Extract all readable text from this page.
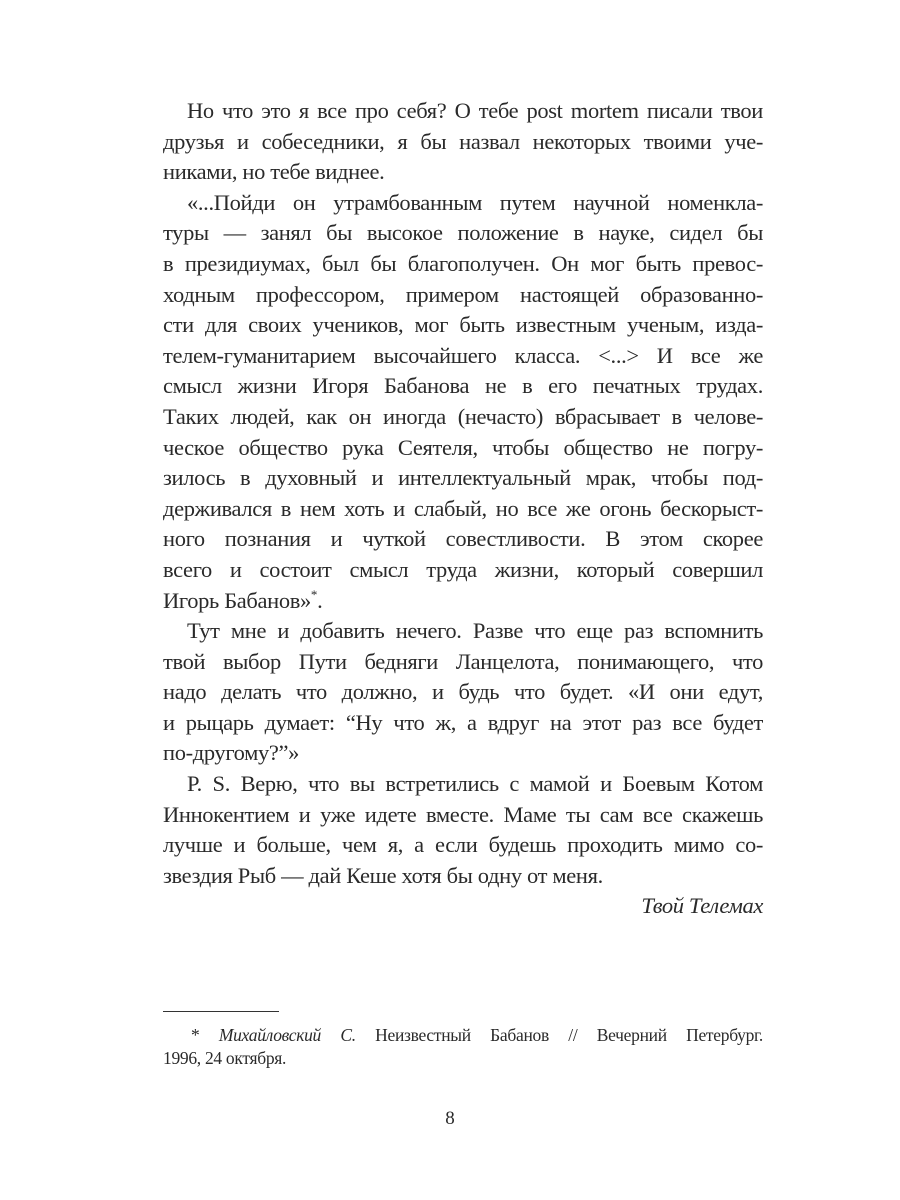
Но что это я все про себя? О тебе post mortem писали твои
друзья и собеседники, я бы назвал некоторых твоими уче-
никами, но тебе виднее.
«...Пойди он утрамбованным путем научной номенкла-
туры — занял бы высокое положение в науке, сидел бы
в президиумах, был бы благополучен. Он мог быть превос-
ходным профессором, примером настоящей образованно-
сти для своих учеников, мог быть известным ученым, изда-
телем-гуманитарием высочайшего класса. <...> И все же
смысл жизни Игоря Бабанова не в его печатных трудах.
Таких людей, как он иногда (нечасто) вбрасывает в челове-
ческое общество рука Сеятеля, чтобы общество не погру-
зилось в духовный и интеллектуальный мрак, чтобы под-
держивался в нем хоть и слабый, но все же огонь бескорыст-
ного познания и чуткой совестливости. В этом скорее
всего и состоит смысл труда жизни, который совершил
Игорь Бабанов»*.
Тут мне и добавить нечего. Разве что еще раз вспомнить
твой выбор Пути бедняги Ланцелота, понимающего, что
надо делать что должно, и будь что будет. «И они едут,
и рыцарь думает: “Ну что ж, а вдруг на этот раз все будет
по-другому?”»
P. S. Верю, что вы встретились с мамой и Боевым Котом
Иннокентием и уже идете вместе. Маме ты сам все скажешь
лучше и больше, чем я, а если будешь проходить мимо со-
звездия Рыб — дай Кеше хотя бы одну от меня.
Твой Телемах
* Михайловский С. Неизвестный Бабанов // Вечерний Петербург.
1996, 24 октября.
8
